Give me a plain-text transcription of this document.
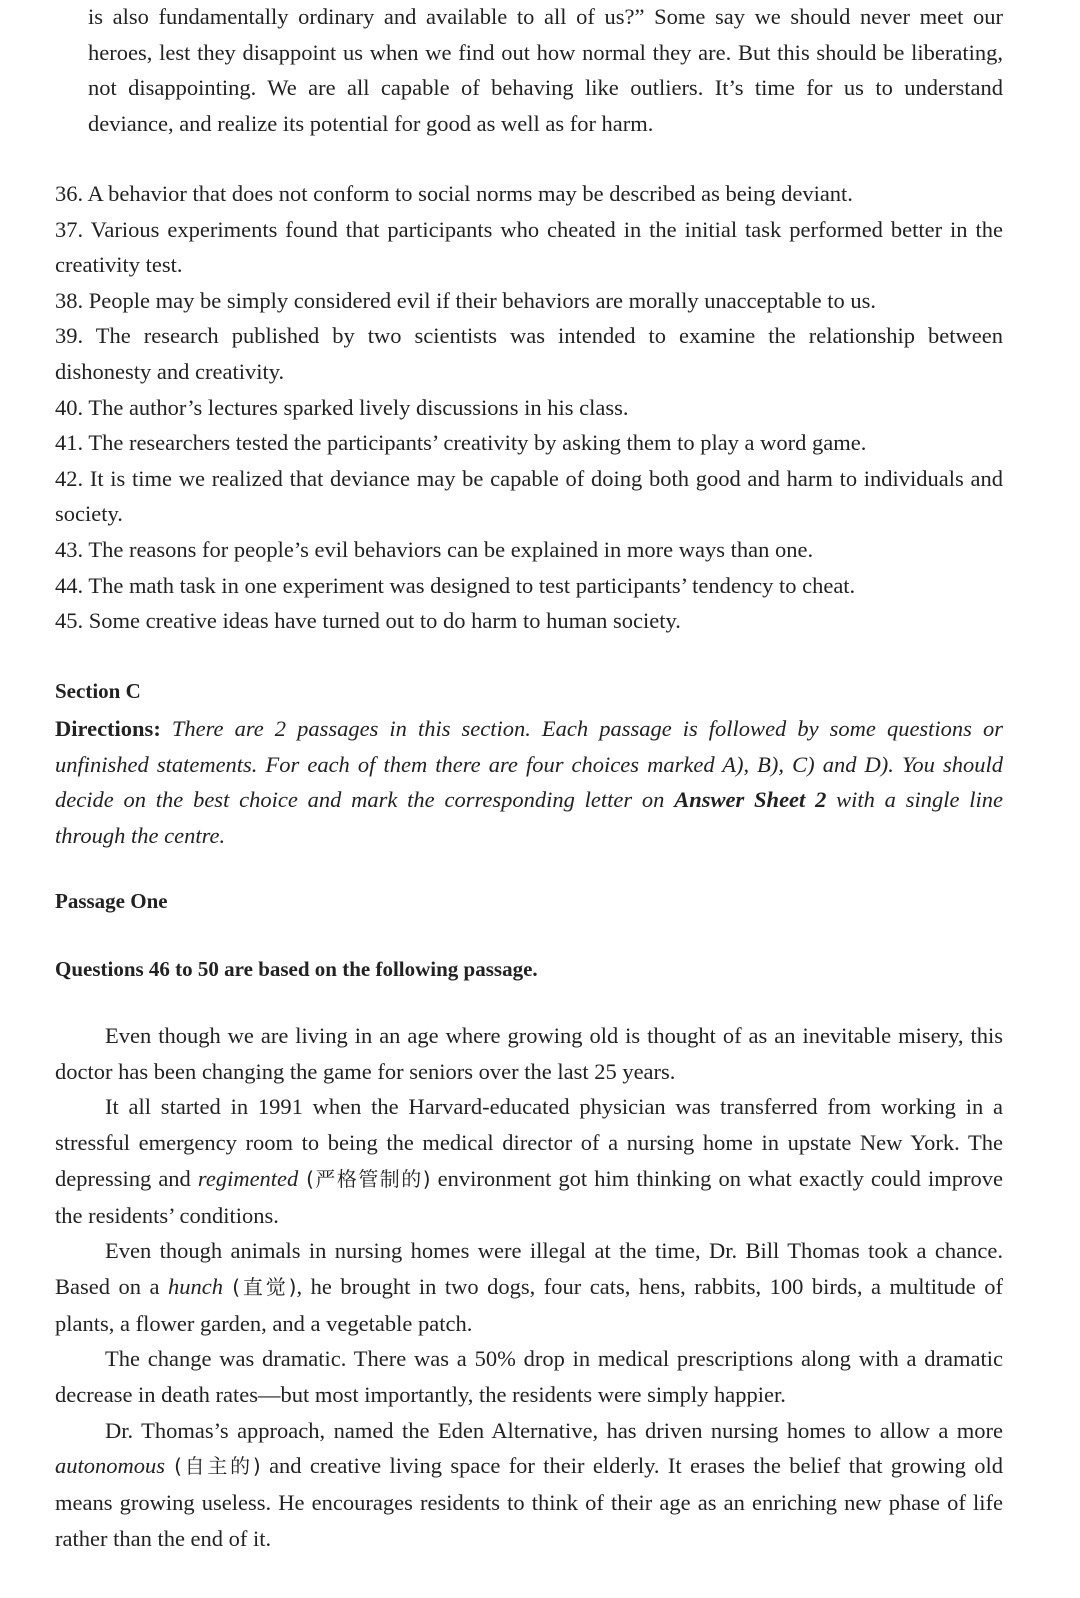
is also fundamentally ordinary and available to all of us?” Some say we should never meet our heroes, lest they disappoint us when we find out how normal they are. But this should be liberating, not disappointing. We are all capable of behaving like outliers. It’s time for us to understand deviance, and realize its potential for good as well as for harm.

36. A behavior that does not conform to social norms may be described as being deviant.

37. Various experiments found that participants who cheated in the initial task performed better in the creativity test.

38. People may be simply considered evil if their behaviors are morally unacceptable to us.

39. The research published by two scientists was intended to examine the relationship between dishonesty and creativity.

40. The author’s lectures sparked lively discussions in his class.

41. The researchers tested the participants’ creativity by asking them to play a word game.

42. It is time we realized that deviance may be capable of doing both good and harm to individuals and society.

43. The reasons for people’s evil behaviors can be explained in more ways than one.

44. The math task in one experiment was designed to test participants’ tendency to cheat.

45. Some creative ideas have turned out to do harm to human society.

Section C

Directions: There are 2 passages in this section. Each passage is followed by some questions or unfinished statements. For each of them there are four choices marked A), B), C) and D). You should decide on the best choice and mark the corresponding letter on Answer Sheet 2 with a single line through the centre.

Passage One

Questions 46 to 50 are based on the following passage.

Even though we are living in an age where growing old is thought of as an inevitable misery, this doctor has been changing the game for seniors over the last 25 years.

It all started in 1991 when the Harvard-educated physician was transferred from working in a stressful emergency room to being the medical director of a nursing home in upstate New York. The depressing and regimented (严格管制的) environment got him thinking on what exactly could improve the residents’ conditions.

Even though animals in nursing homes were illegal at the time, Dr. Bill Thomas took a chance. Based on a hunch (直觉), he brought in two dogs, four cats, hens, rabbits, 100 birds, a multitude of plants, a flower garden, and a vegetable patch.

The change was dramatic. There was a 50% drop in medical prescriptions along with a dramatic decrease in death rates—but most importantly, the residents were simply happier.

Dr. Thomas’s approach, named the Eden Alternative, has driven nursing homes to allow a more autonomous (自主的) and creative living space for their elderly. It erases the belief that growing old means growing useless. He encourages residents to think of their age as an enriching new phase of life rather than the end of it.
